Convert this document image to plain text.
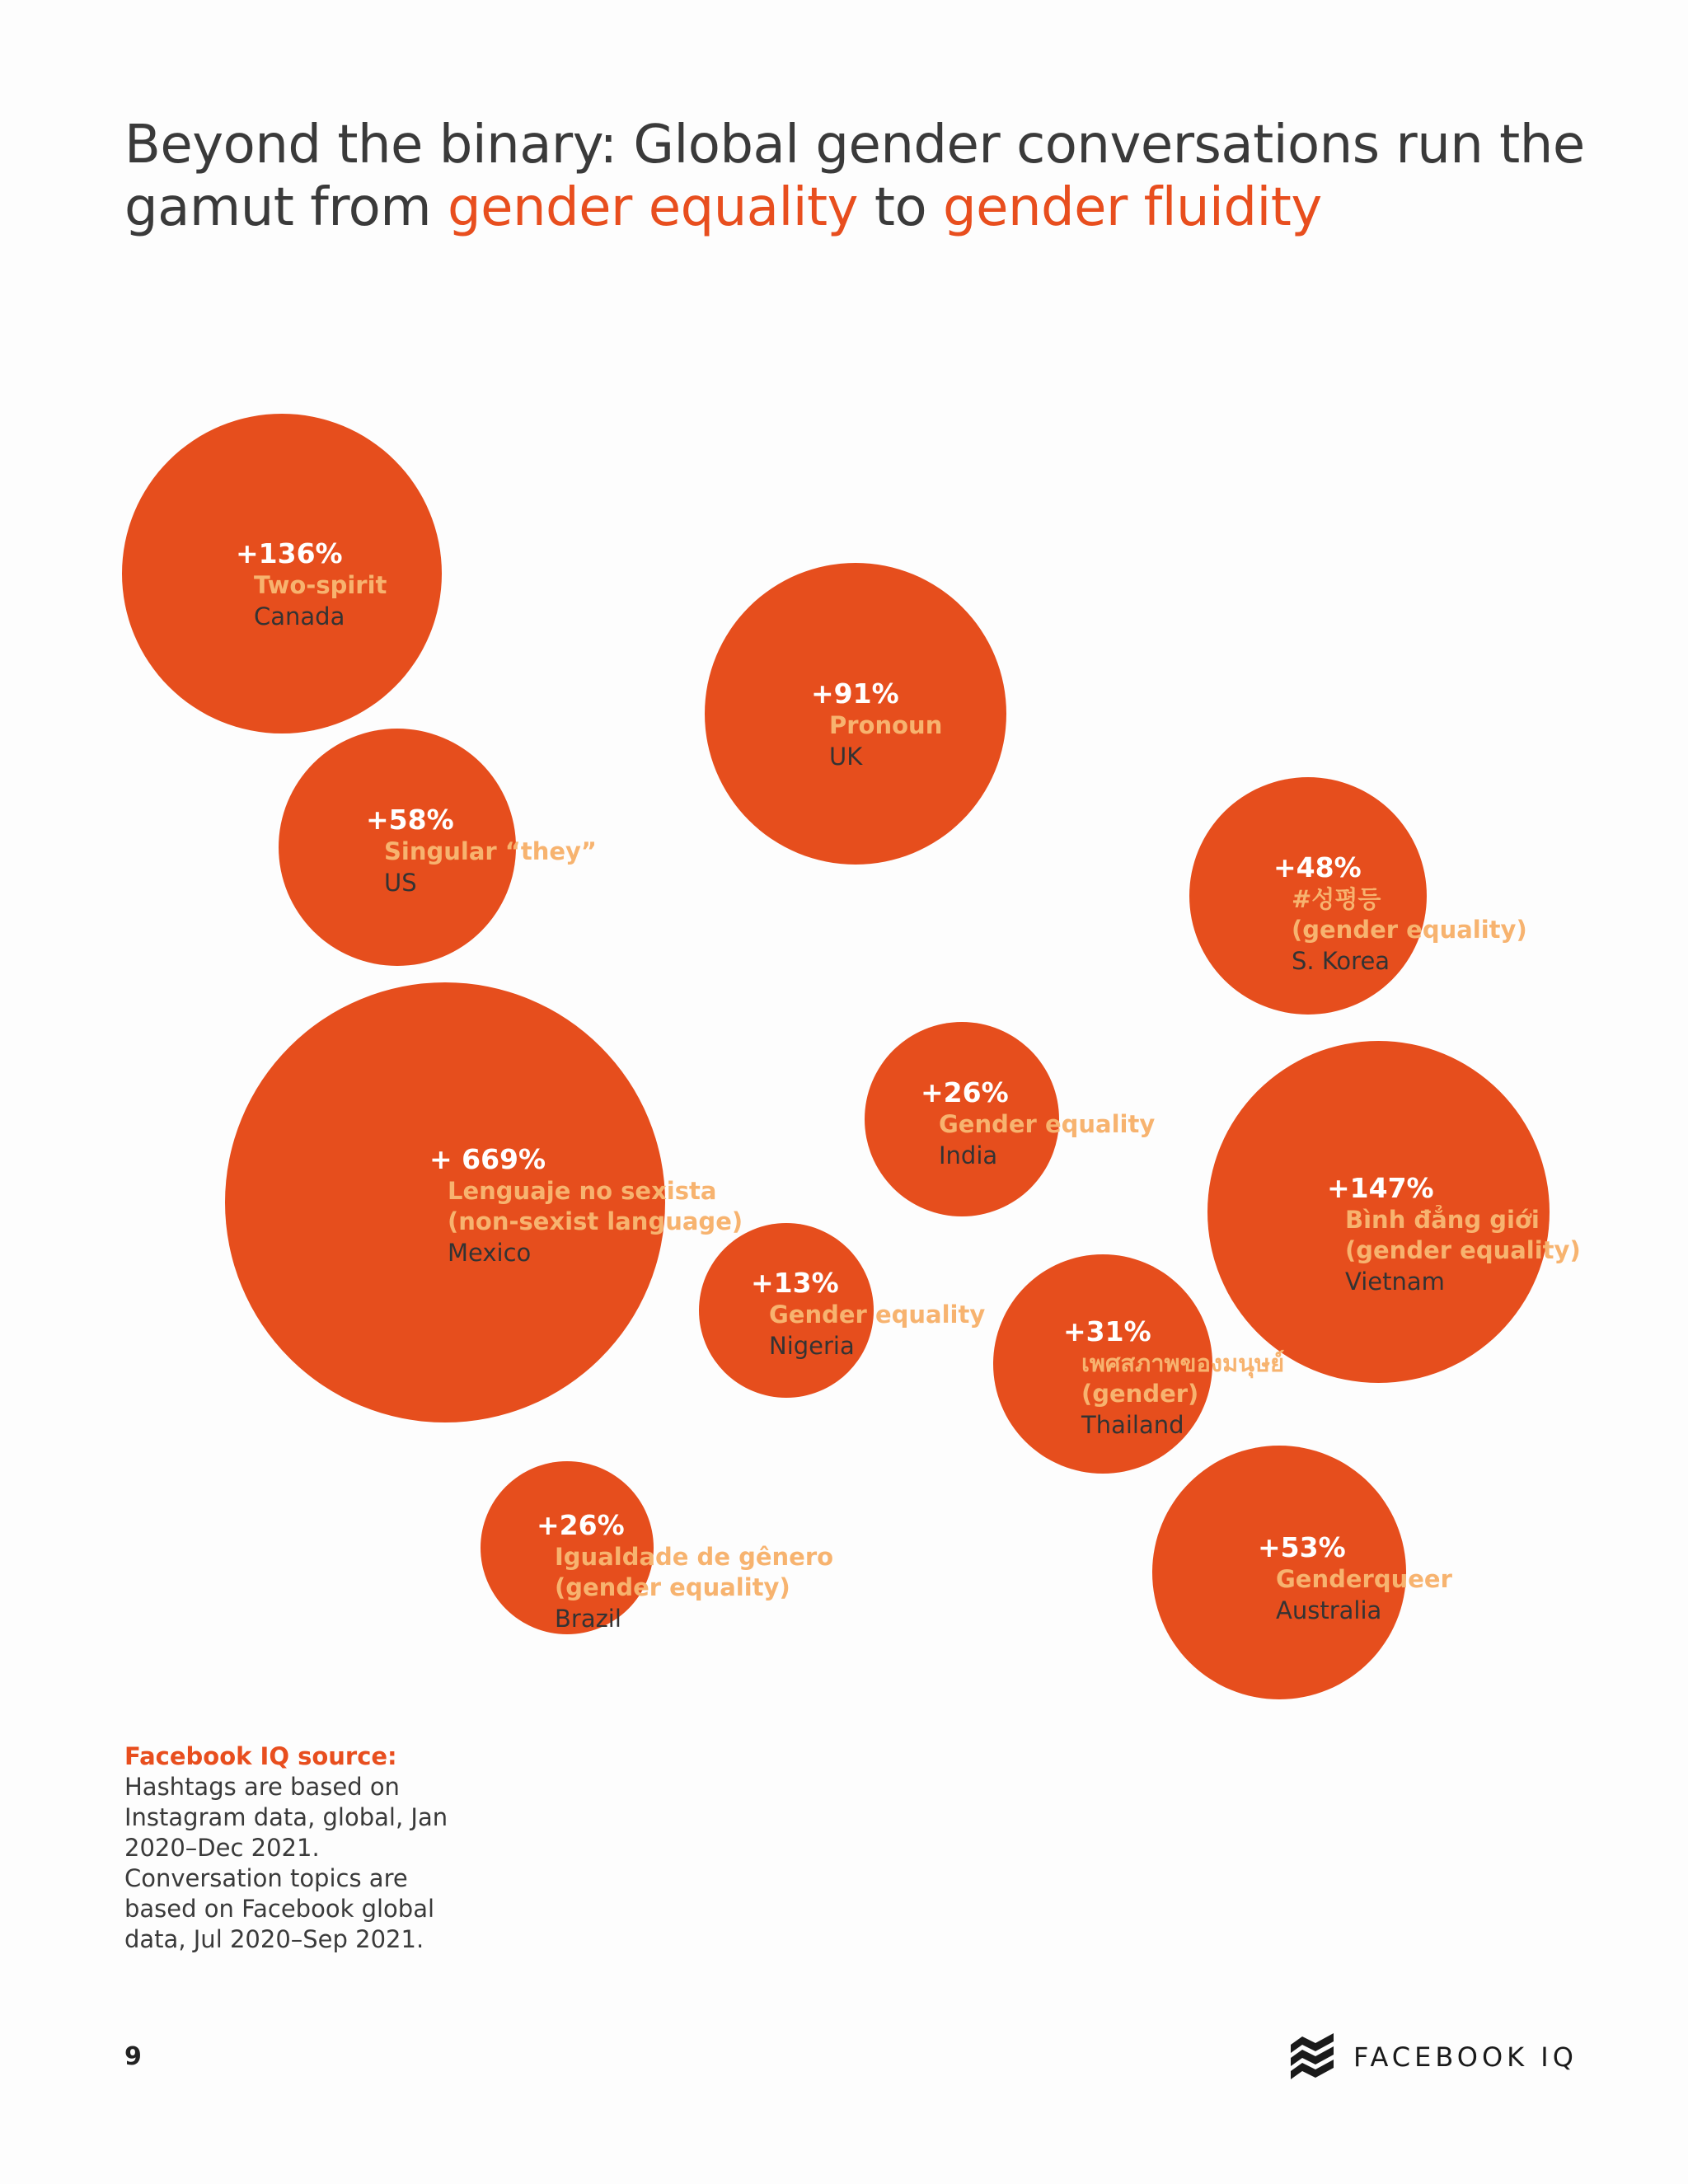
Beyond the binary: Global gender conversations run the gamut from gender equality to gender fluidity
+136%
Two-spirit
Canada
+91%
Pronoun
UK
+58%
Singular “they”
US	+48%
#성평등
(gender equality)
S. Korea
+26%
Gender equality
India
+ 669%
Lenguaje no sexista
(non-sexist language)
Mexico
+147%
Bình đẳng giới
(gender equality)
Vietnam
+13%
Gender equality
Nigeria	+31%
เพศสภาพของมนุษย์
(gender)
Thailand
+26%
Igualdade de gênero
(gender equality)
Brazil
+53%
Genderqueer
Australia
Facebook IQ source:
Hashtags are based on Instagram data, global, Jan 2020–Dec 2021. Conversation topics are based on Facebook global data, Jul 2020–Sep 2021.
9	FACEBOOK IQ
